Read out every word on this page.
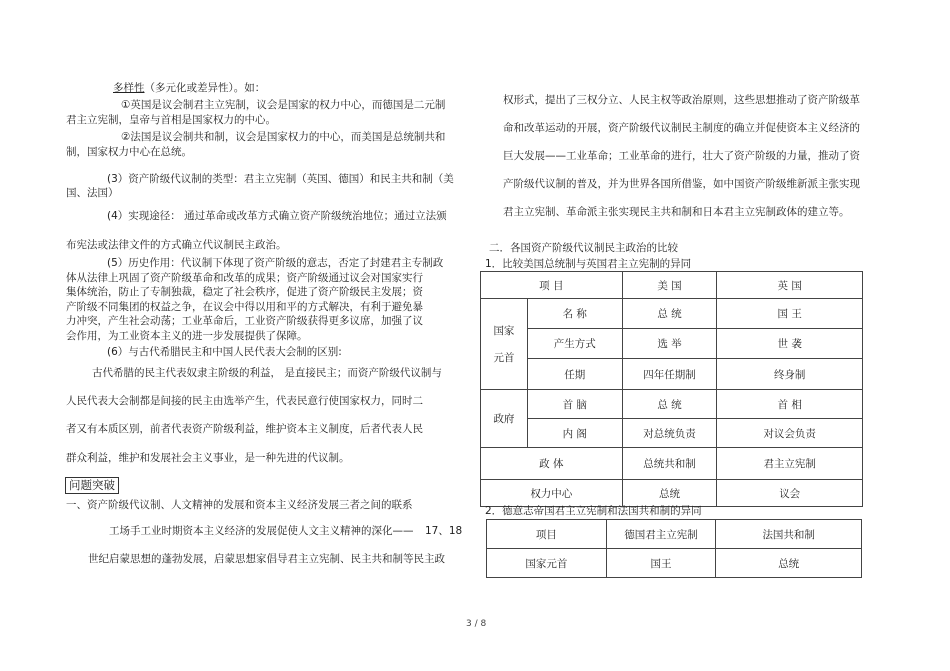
多样性（多元化或差异性）。如：
①英国是议会制君主立宪制，议会是国家的权力中心，而德国是二元制
君主立宪制，皇帝与首相是国家权力的中心。
②法国是议会制共和制，议会是国家权力的中心，而美国是总统制共和
制，国家权力中心在总统。
(3）资产阶级代议制的类型：君主立宪制（英国、德国）和民主共和制（美
国、法国）
(4）实现途径： 通过革命或改革方式确立资产阶级统治地位；通过立法颁
布宪法或法律文件的方式确立代议制民主政治。
(5）历史作用：代议制下体现了资产阶级的意志，否定了封建君主专制政
体从法律上巩固了资产阶级革命和改革的成果；资产阶级通过议会对国家实行
集体统治，防止了专制独裁，稳定了社会秩序，促进了资产阶级民主发展；资
产阶级不同集团的权益之争，在议会中得以用和平的方式解决，有利于避免暴
力冲突，产生社会动荡；工业革命后，工业资产阶级获得更多议席，加强了议
会作用，为工业资本主义的进一步发展提供了保障。
(6）与古代希腊民主和中国人民代表大会制的区别:
古代希腊的民主代表奴隶主阶级的利益， 是直接民主；而资产阶级代议制与
人民代表大会制都是间接的民主由选举产生，代表民意行使国家权力，同时二
者又有本质区别，前者代表资产阶级利益，维护资本主义制度，后者代表人民
群众利益，维护和发展社会主义事业，是一种先进的代议制。
问题突破
一、资产阶级代议制、人文精神的发展和资本主义经济发展三者之间的联系
工场手工业时期资本主义经济的发展促使人文主义精神的深化—— 17、18
世纪启蒙思想的蓬勃发展，启蒙思想家倡导君主立宪制、民主共和制等民主政
权形式，提出了三权分立、人民主权等政治原则，这些思想推动了资产阶级革
命和改革运动的开展，资产阶级代议制民主制度的确立并促使资本主义经济的
巨大发展——工业革命；工业革命的进行，壮大了资产阶级的力量，推动了资
产阶级代议制的普及，并为世界各国所借鉴，如中国资产阶级维新派主张实现
君主立宪制、革命派主张实现民主共和制和日本君主立宪制政体的建立等。
二．各国资产阶级代议制民主政治的比较
1．比较美国总统制与英国君主立宪制的异同
项 目		美 国	英 国
国家

元首	名 称	总 统	国 王
	产生方式	选 举	世 袭
	任期	四年任期制	终身制
政府	首 脑	总 统	首 相
	内 阁	对总统负责	对议会负责
政 体		总统共和制	君主立宪制
权力中心		总统	议会
2．德意志帝国君主立宪制和法国共和制的异同
项目	德国君主立宪制	法国共和制
国家元首	国王	总统
3 / 8
